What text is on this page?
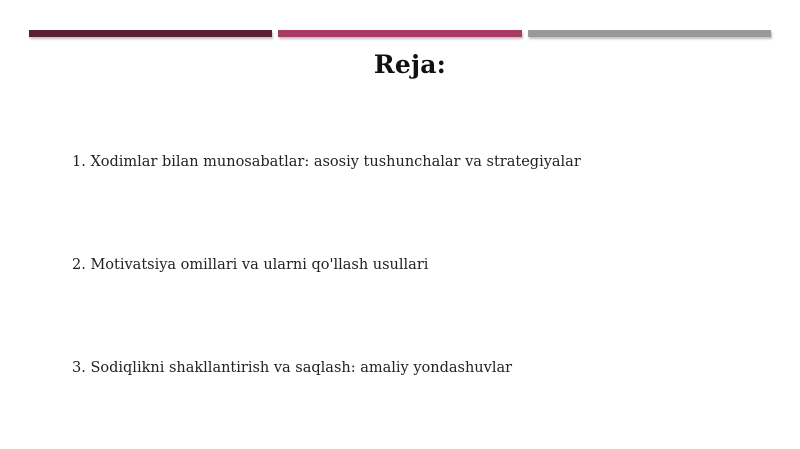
Reja:
1. Xodimlar bilan munosabatlar: asosiy tushunchalar va strategiyalar
2. Motivatsiya omillari va ularni qo'llash usullari
3. Sodiqlikni shakllantirish va saqlash: amaliy yondashuvlar
